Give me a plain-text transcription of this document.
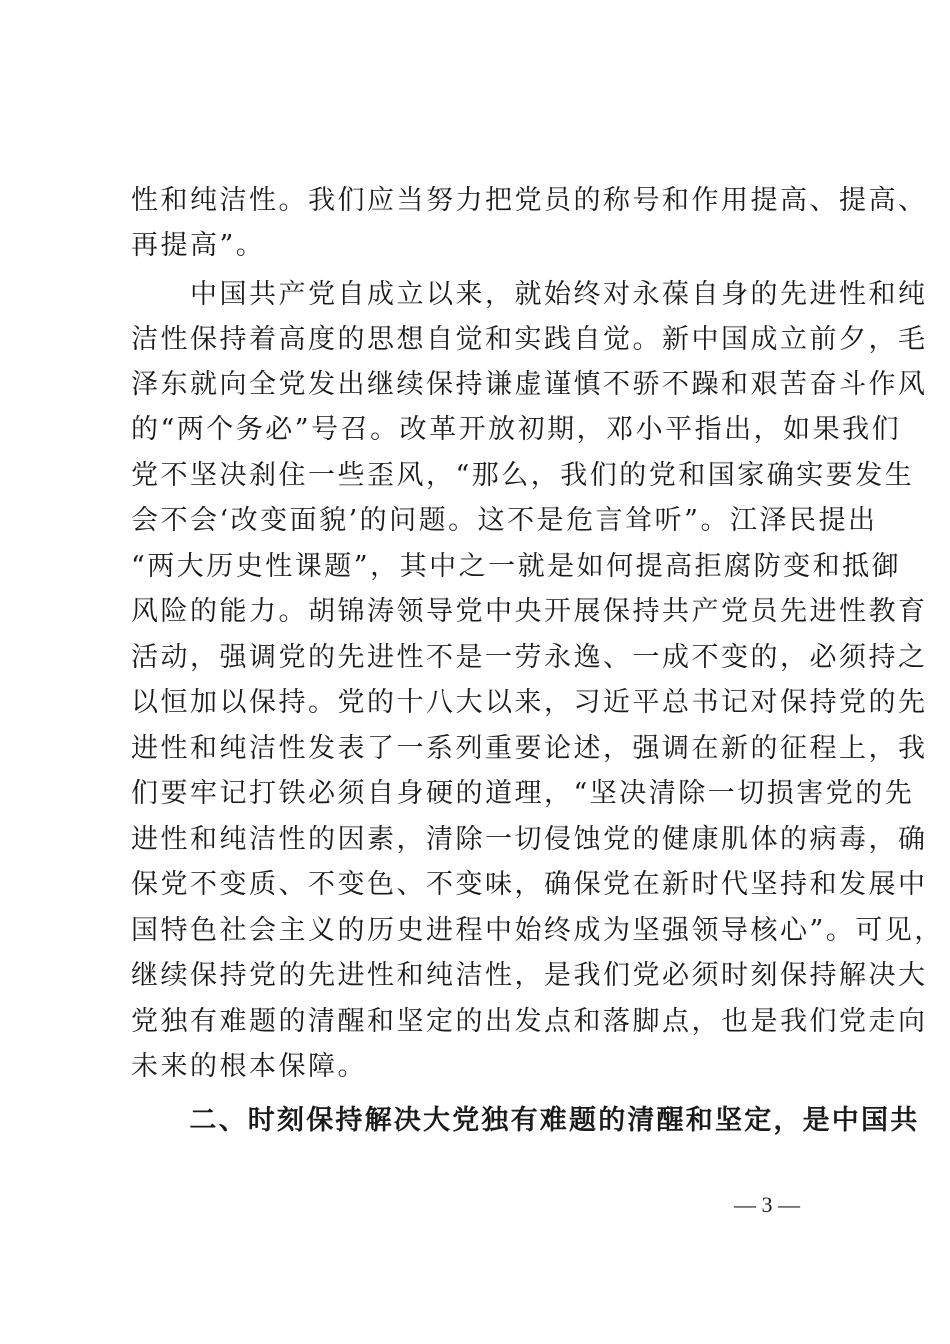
性和纯洁性。我们应当努力把党员的称号和作用提高、提高、
再提高”。
　　中国共产党自成立以来，就始终对永葆自身的先进性和纯
洁性保持着高度的思想自觉和实践自觉。新中国成立前夕，毛
泽东就向全党发出继续保持谦虚谨慎不骄不躁和艰苦奋斗作风
的“两个务必”号召。改革开放初期，邓小平指出，如果我们
党不坚决刹住一些歪风，“那么，我们的党和国家确实要发生
会不会‘改变面貌’的问题。这不是危言耸听”。江泽民提出
“两大历史性课题”，其中之一就是如何提高拒腐防变和抵御
风险的能力。胡锦涛领导党中央开展保持共产党员先进性教育
活动，强调党的先进性不是一劳永逸、一成不变的，必须持之
以恒加以保持。党的十八大以来，习近平总书记对保持党的先
进性和纯洁性发表了一系列重要论述，强调在新的征程上，我
们要牢记打铁必须自身硬的道理，“坚决清除一切损害党的先
进性和纯洁性的因素，清除一切侵蚀党的健康肌体的病毒，确
保党不变质、不变色、不变味，确保党在新时代坚持和发展中
国特色社会主义的历史进程中始终成为坚强领导核心”。可见，
继续保持党的先进性和纯洁性，是我们党必须时刻保持解决大
党独有难题的清醒和坚定的出发点和落脚点，也是我们党走向
未来的根本保障。
　　二、时刻保持解决大党独有难题的清醒和坚定，是中国共
— 3 —
